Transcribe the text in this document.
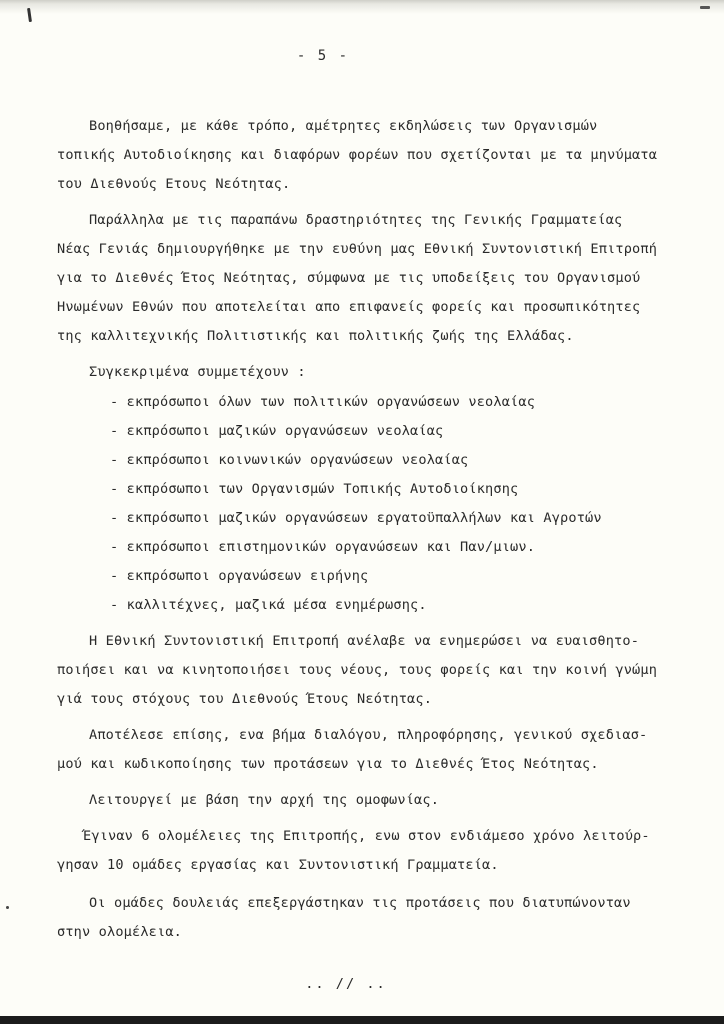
- 5 -
Βοηθήσαμε, με κάθε τρόπο, αμέτρητες εκδηλώσεις των Οργανισμών
τοπικής Αυτοδιοίκησης και διαφόρων φορέων που σχετίζονται με τα μηνύματα
του Διεθνούς Ετους Νεότητας.
Παράλληλα με τις παραπάνω δραστηριότητες της Γενικής Γραμματείας
Νέας Γενιάς δημιουργήθηκε με την ευθύνη μας Εθνική Συντονιστική Επιτροπή
για το Διεθνές Έτος Νεότητας, σύμφωνα με τις υποδείξεις του Οργανισμού
Ηνωμένων Εθνών που αποτελείται απο επιφανείς φορείς και προσωπικότητες
της καλλιτεχνικής Πολιτιστικής και πολιτικής ζωής της Ελλάδας.
Συγκεκριμένα συμμετέχουν :
- εκπρόσωποι όλων των πολιτικών οργανώσεων νεολαίας
- εκπρόσωποι μαζικών οργανώσεων νεολαίας
- εκπρόσωποι κοινωνικών οργανώσεων νεολαίας
- εκπρόσωποι των Οργανισμών Τοπικής Αυτοδιοίκησης
- εκπρόσωποι μαζικών οργανώσεων εργατοϋπαλλήλων και Αγροτών
- εκπρόσωποι επιστημονικών οργανώσεων και Παν/μιων.
- εκπρόσωποι οργανώσεων ειρήνης
- καλλιτέχνες, μαζικά μέσα ενημέρωσης.
Η Εθνική Συντονιστική Επιτροπή ανέλαβε να ενημερώσει να ευαισθητο-
ποιήσει και να κινητοποιήσει τους νέους, τους φορείς και την κοινή γνώμη
γιά τους στόχους του Διεθνούς Έτους Νεότητας.
Αποτέλεσε επίσης, ενα βήμα διαλόγου, πληροφόρησης, γενικού σχεδιασ-
μού και κωδικοποίησης των προτάσεων για το Διεθνές Έτος Νεότητας.
Λειτουργεί με βάση την αρχή της ομοφωνίας.
Έγιναν 6 ολομέλειες της Επιτροπής, ενω στον ενδιάμεσο χρόνο λειτούρ-
γησαν 10 ομάδες εργασίας και Συντονιστική Γραμματεία.
Οι ομάδες δουλειάς επεξεργάστηκαν τις προτάσεις που διατυπώνονταν
στην ολομέλεια.
.. // ..
